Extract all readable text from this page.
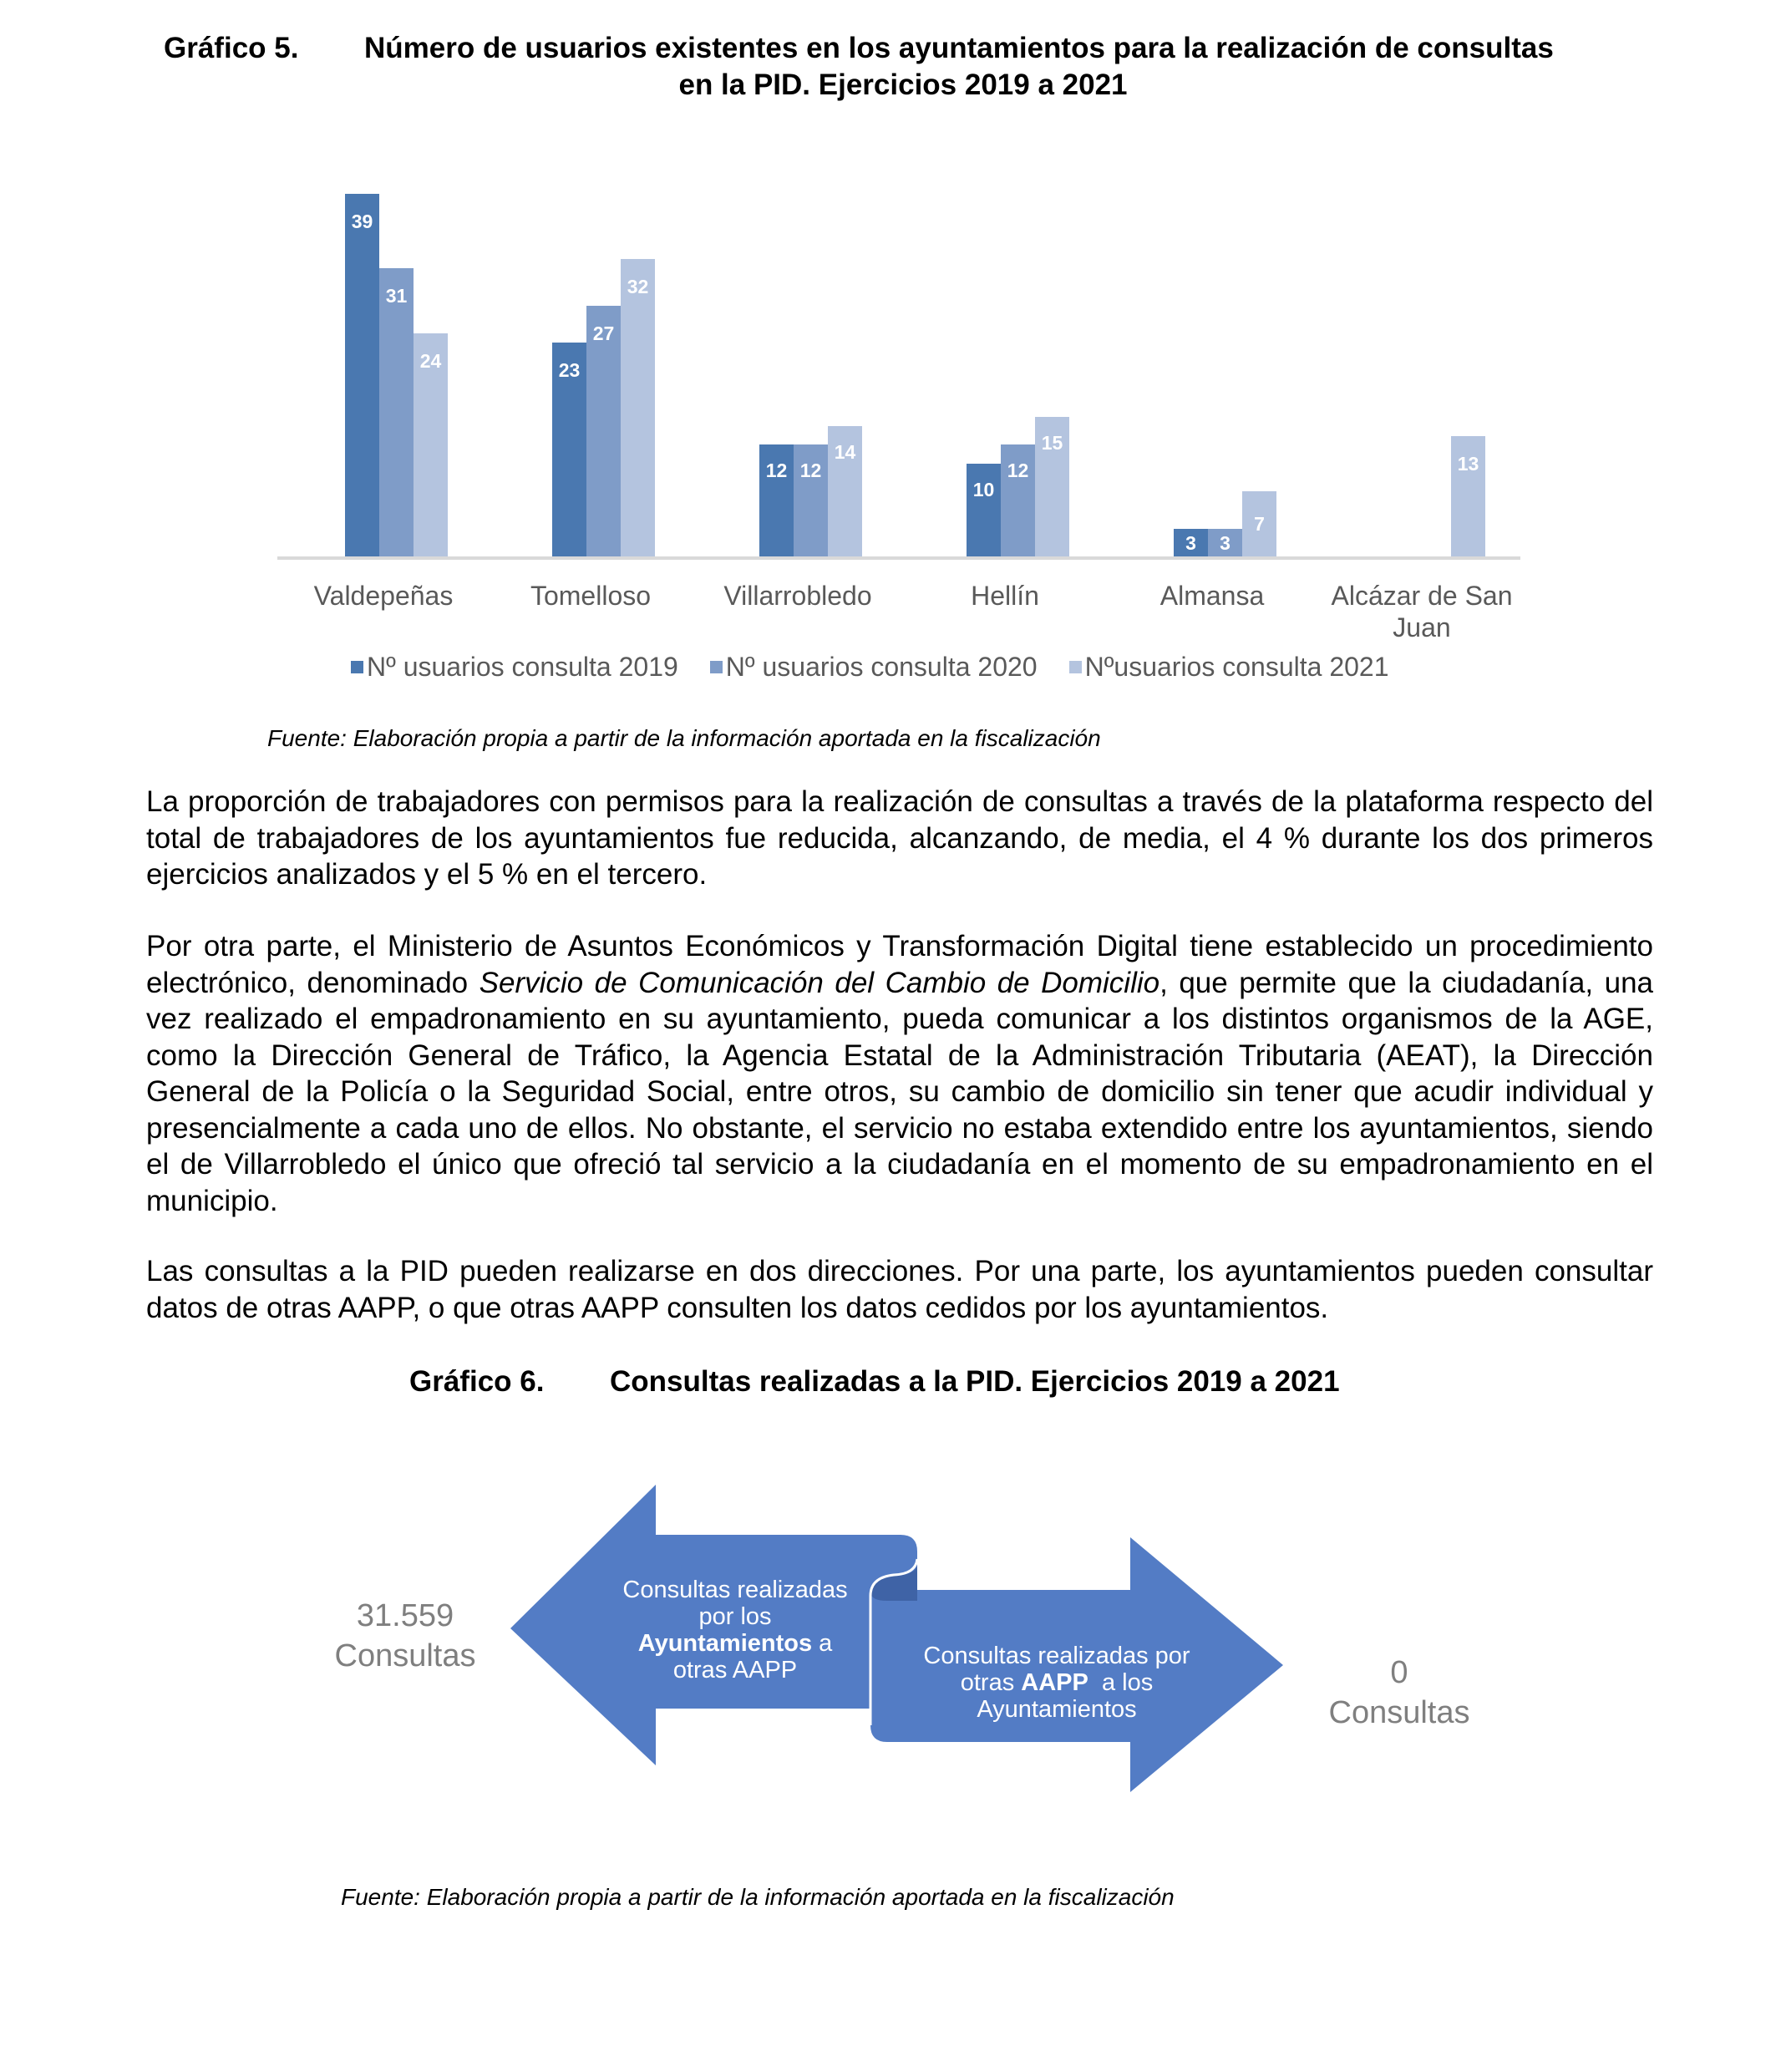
Gráfico 5. Número de usuarios existentes en los ayuntamientos para la realización de consultas
en la PID. Ejercicios 2019 a 2021
39
31
24	23
27
32
12 12
14
10
12
15
3	3
7
13
Valdepeñas	Tomelloso	Villarrobledo	Hellín	Almansa	Alcázar de San
Juan
Nº usuarios consulta 2019 Nº usuarios consulta 2020 Nºusuarios consulta 2021
Fuente: Elaboración propia a partir de la información aportada en la fiscalización

La proporción de trabajadores con permisos para la realización de consultas a través de la plataforma respecto del total de trabajadores de los ayuntamientos fue reducida, alcanzando, de media, el 4 % durante los dos primeros ejercicios analizados y el 5 % en el tercero.

Por otra parte, el Ministerio de Asuntos Económicos y Transformación Digital tiene establecido un procedimiento electrónico, denominado Servicio de Comunicación del Cambio de Domicilio, que permite que la ciudadanía, una vez realizado el empadronamiento en su ayuntamiento, pueda comunicar a los distintos organismos de la AGE, como la Dirección General de Tráfico, la Agencia Estatal de la Administración Tributaria (AEAT), la Dirección General de la Policía o la Seguridad Social, entre otros, su cambio de domicilio sin tener que acudir individual y presencialmente a cada uno de ellos. No obstante, el servicio no estaba extendido entre los ayuntamientos, siendo el de Villarrobledo el único que ofreció tal servicio a la ciudadanía en el momento de su empadronamiento en el municipio.

Las consultas a la PID pueden realizarse en dos direcciones. Por una parte, los ayuntamientos pueden consultar datos de otras AAPP, o que otras AAPP consulten los datos cedidos por los ayuntamientos.

Gráfico 6. Consultas realizadas a la PID. Ejercicios 2019 a 2021
Consultas realizadas
por los
Ayuntamientos a
otras AAPP
Consultas realizadas por
otras AAPP  a los
Ayuntamientos
31.559
Consultas	0
Consultas
Fuente: Elaboración propia a partir de la información aportada en la fiscalización
